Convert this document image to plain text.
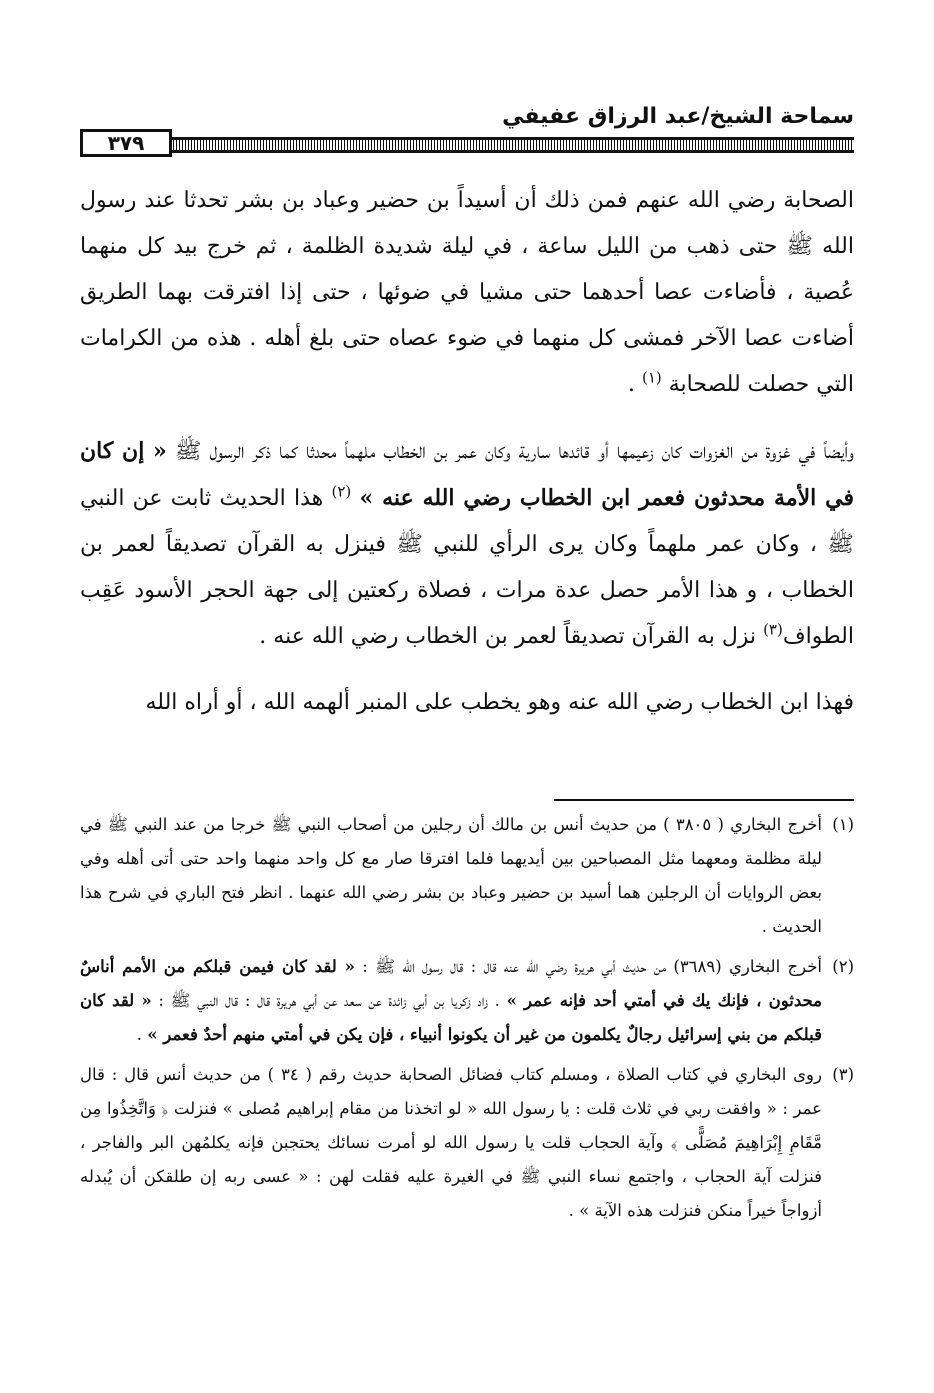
سماحة الشيخ/عبد الرزاق عفيفي
٣٧٩

الصحابة رضي الله عنهم فمن ذلك أن أسيداً بن حضير وعباد بن بشر تحدثا عند رسول الله ﷺ حتى ذهب من الليل ساعة ، في ليلة شديدة الظلمة ، ثم خرج بيد كل منهما عُصية ، فأضاءت عصا أحدهما حتى مشيا في ضوئها ، حتى إذا افترقت بهما الطريق أضاءت عصا الآخر فمشى كل منهما في ضوء عصاه حتى بلغ أهله . هذه من الكرامات التي حصلت للصحابة $^{(١)}$ .

وأيضاً في غزوة من الغزوات كان زعيمها أو قائدها سارية وكان عمر بن الخطاب ملهماً محدثا كما ذكر الرسول ﷺ « إن كان في الأمة محدثون فعمر ابن الخطاب رضي الله عنه » $^{(٢)}$ هذا الحديث ثابت عن النبي ﷺ ، وكان عمر ملهماً وكان يرى الرأي للنبي ﷺ فينزل به القرآن تصديقاً لعمر بن الخطاب ، و هذا الأمر حصل عدة مرات ، فصلاة ركعتين إلى جهة الحجر الأسود عَقِب الطواف$^{(٣)}$ نزل به القرآن تصديقاً لعمر بن الخطاب رضي الله عنه .

فهذا ابن الخطاب رضي الله عنه وهو يخطب على المنبر ألهمه الله ، أو أراه الله

(١)
أخرج البخاري ( ٣٨٠٥ ) من حديث أنس بن مالك أن رجلين من أصحاب النبي ﷺ خرجا من عند النبي ﷺ في ليلة مظلمة ومعهما مثل المصباحين بين أيديهما فلما افترقا صار مع كل واحد منهما واحد حتى أتى أهله وفي بعض الروايات أن الرجلين هما أسيد بن حضير وعباد بن بشر رضي الله عنهما . انظر فتح الباري في شرح هذا الحديث .
(٢)
أخرج البخاري (٣٦٨٩) من حديث أبي هريرة رضي الله عنه قال : قال رسول الله ﷺ : « لقد كان فيمن قبلكم من الأمم أناسٌ محدثون ، فإنك يك في أمتي أحد فإنه عمر » . زاد زكريا بن أبي زائدة عن سعد عن أبي هريرة قال : قال النبي ﷺ : « لقد كان قبلكم من بني إسرائيل رجالٌ يكلمون من غير أن يكونوا أنبياء ، فإن يكن في أمتي منهم أحدٌ فعمر » .
(٣)
روى البخاري في كتاب الصلاة ، ومسلم كتاب فضائل الصحابة حديث رقم ( ٣٤ ) من حديث أنس قال : قال عمر : « وافقت ربي في ثلاث قلت : يا رسول الله « لو اتخذنا من مقام إبراهيم مُصلى » فنزلت ﴿ وَاتَّخِذُوا مِن مَّقَامِ إِبْرَاهِيمَ مُصَلًّى ﴾ وآية الحجاب قلت يا رسول الله لو أمرت نسائك يحتجبن فإنه يكلمُهن البر والفاجر ، فنزلت آية الحجاب ، واجتمع نساء النبي ﷺ في الغيرة عليه فقلت لهن : « عسى ربه إن طلقكن أن يُبدله أزواجاً خيراً منكن فنزلت هذه الآية » .
